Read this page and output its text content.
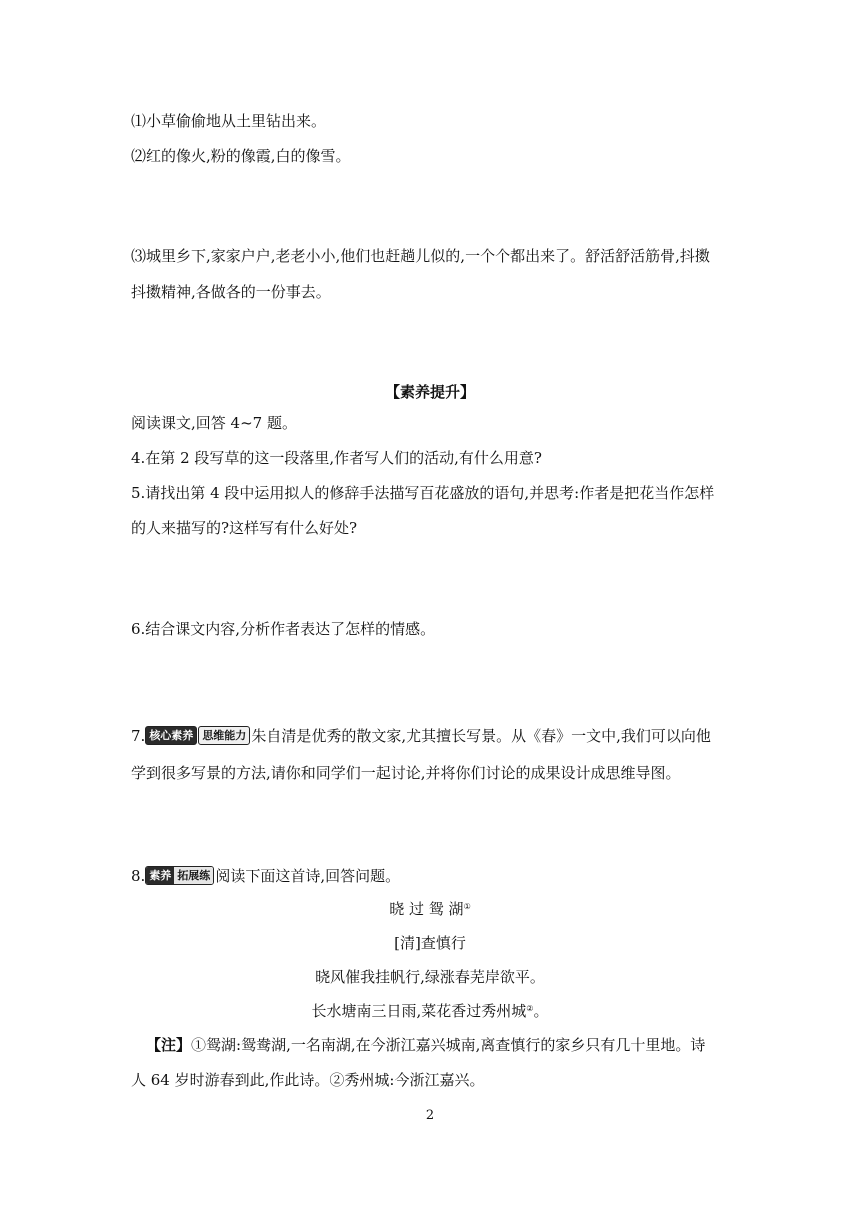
⑴小草偷偷地从土里钻出来。
⑵红的像火,粉的像霞,白的像雪。
⑶城里乡下,家家户户,老老小小,他们也赶趟儿似的,一个个都出来了。舒活舒活筋骨,抖擞
抖擞精神,各做各的一份事去。
【素养提升】
阅读课文,回答 4~7 题。
4.在第 2 段写草的这一段落里,作者写人们的活动,有什么用意?
5.请找出第 4 段中运用拟人的修辞手法描写百花盛放的语句,并思考:作者是把花当作怎样
的人来描写的?这样写有什么好处?
6.结合课文内容,分析作者表达了怎样的情感。
7. 核心素养 思维能力 朱自清是优秀的散文家,尤其擅长写景。从《春》一文中,我们可以向他
学到很多写景的方法,请你和同学们一起讨论,并将你们讨论的成果设计成思维导图。
8. 素养 拓展练 阅读下面这首诗,回答问题。
晓 过 鸳 湖①
[清]查慎行
晓风催我挂帆行,绿涨春芜岸欲平。
长水塘南三日雨,菜花香过秀州城②。
【注】①鸳湖:鸳鸯湖,一名南湖,在今浙江嘉兴城南,离查慎行的家乡只有几十里地。诗
人 64 岁时游春到此,作此诗。②秀州城:今浙江嘉兴。
2
